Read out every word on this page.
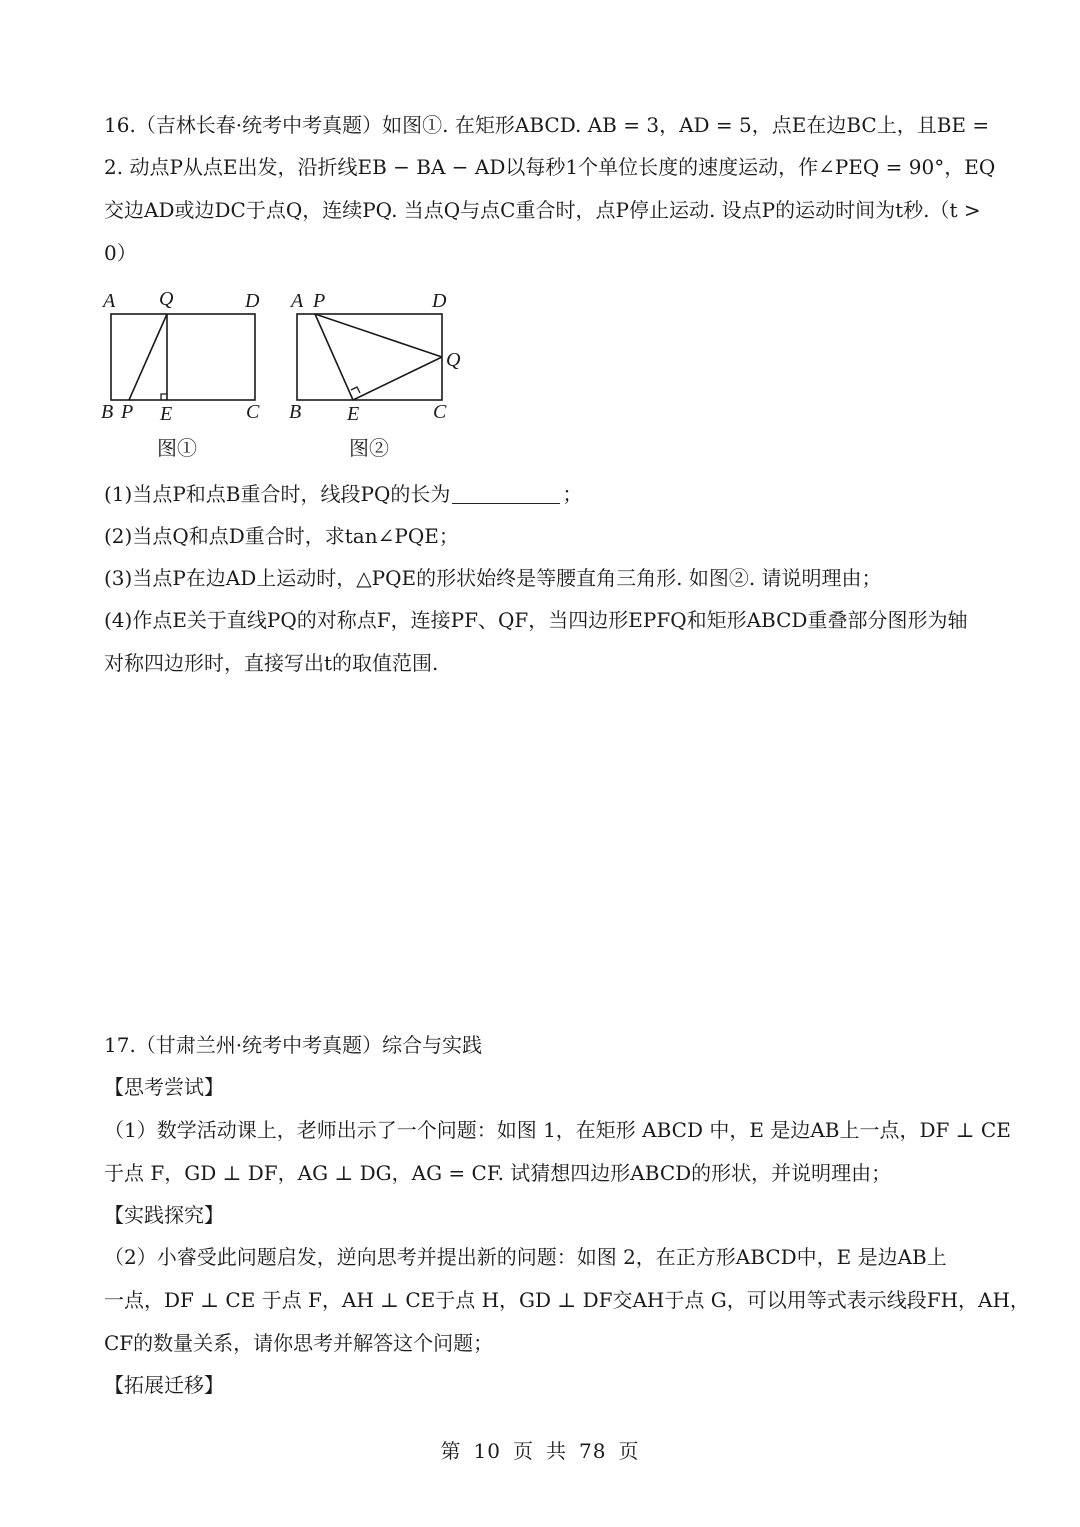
16.（吉林长春·统考中考真题）如图①. 在矩形ABCD. AB = 3，AD = 5，点E在边BC上，且BE =
2. 动点P从点E出发，沿折线EB − BA − AD以每秒1个单位长度的速度运动，作∠PEQ = 90°，EQ
交边AD或边DC于点Q，连续PQ. 当点Q与点C重合时，点P停止运动. 设点P的运动时间为t秒.（t >
0）
A Q	D
B P E	C
图①
A P	D
Q
B E	C
图②
(1)当点P和点B重合时，线段PQ的长为	；
(2)当点Q和点D重合时，求tan∠PQE；
(3)当点P在边AD上运动时，△PQE的形状始终是等腰直角三角形. 如图②. 请说明理由；
(4)作点E关于直线PQ的对称点F，连接PF、QF，当四边形EPFQ和矩形ABCD重叠部分图形为轴
对称四边形时，直接写出t的取值范围.
17.（甘肃兰州·统考中考真题）综合与实践
【思考尝试】
（1）数学活动课上，老师出示了一个问题：如图 1，在矩形 ABCD 中，E 是边AB上一点，DF ⊥ CE
于点 F，GD ⊥ DF，AG ⊥ DG，AG = CF. 试猜想四边形ABCD的形状，并说明理由；
【实践探究】
（2）小睿受此问题启发，逆向思考并提出新的问题：如图 2，在正方形ABCD中，E 是边AB上
一点，DF ⊥ CE 于点 F，AH ⊥ CE于点 H，GD ⊥ DF交AH于点 G，可以用等式表示线段FH，AH，
CF的数量关系，请你思考并解答这个问题；
【拓展迁移】
第 10 页 共 78 页
